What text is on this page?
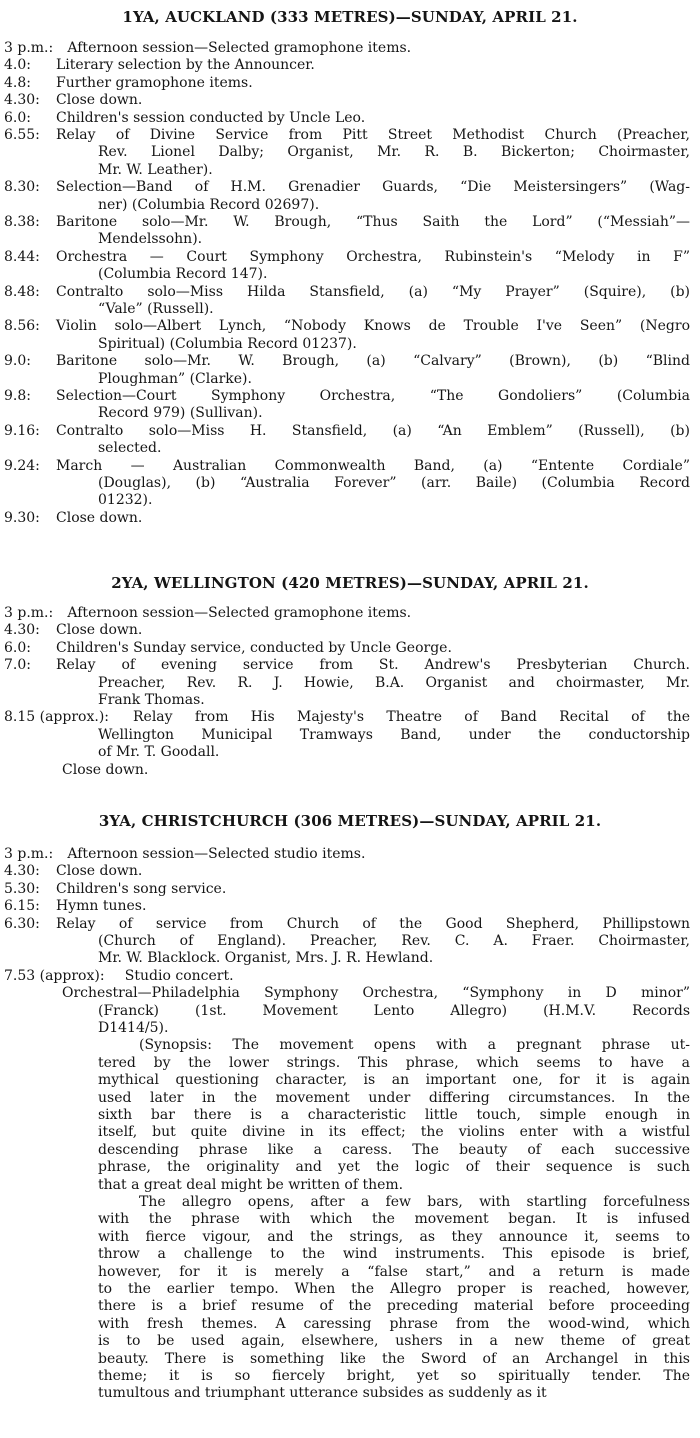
1YA, AUCKLAND (333 METRES)—SUNDAY, APRIL 21.
3 p.m.:	Afternoon session—Selected gramophone items.
4.0:	Literary selection by the Announcer.
4.8:	Further gramophone items.
4.30:	Close down.
6.0:	Children's session conducted by Uncle Leo.
6.55:	Relay of Divine Service from Pitt Street Methodist Church (Preacher,
Rev. Lionel Dalby; Organist, Mr. R. B. Bickerton; Choirmaster,
Mr. W. Leather).
8.30:	Selection—Band of H.M. Grenadier Guards, “Die Meistersingers” (Wag-
ner) (Columbia Record 02697).
8.38:	Baritone solo—Mr. W. Brough, “Thus Saith the Lord” (“Messiah”—
Mendelssohn).
8.44:	Orchestra — Court Symphony Orchestra, Rubinstein's “Melody in F”
(Columbia Record 147).
8.48:	Contralto solo—Miss Hilda Stansfield, (a) “My Prayer” (Squire), (b)
“Vale” (Russell).
8.56:	Violin solo—Albert Lynch, “Nobody Knows de Trouble I've Seen” (Negro
Spiritual) (Columbia Record 01237).
9.0:	Baritone solo—Mr. W. Brough, (a) “Calvary” (Brown), (b) “Blind
Ploughman” (Clarke).
9.8:	Selection—Court Symphony Orchestra, “The Gondoliers” (Columbia
Record 979) (Sullivan).
9.16:	Contralto solo—Miss H. Stansfield, (a) “An Emblem” (Russell), (b)
selected.
9.24:	March — Australian Commonwealth Band, (a) “Entente Cordiale”
(Douglas), (b) “Australia Forever” (arr. Baile) (Columbia Record
01232).
9.30:	Close down.
2YA, WELLINGTON (420 METRES)—SUNDAY, APRIL 21.
3 p.m.:	Afternoon session—Selected gramophone items.
4.30:	Close down.
6.0:	Children's Sunday service, conducted by Uncle George.
7.0:	Relay of evening service from St. Andrew's Presbyterian Church.
Preacher, Rev. R. J. Howie, B.A. Organist and choirmaster, Mr.
Frank Thomas.
8.15 (approx.):	Relay from His Majesty's Theatre of Band Recital of the
Wellington Municipal Tramways Band, under the conductorship
of Mr. T. Goodall.
Close down.
3YA, CHRISTCHURCH (306 METRES)—SUNDAY, APRIL 21.
3 p.m.:	Afternoon session—Selected studio items.
4.30:	Close down.
5.30:	Children's song service.
6.15:	Hymn tunes.
6.30:	Relay of service from Church of the Good Shepherd, Phillipstown
(Church of England). Preacher, Rev. C. A. Fraer. Choirmaster,
Mr. W. Blacklock. Organist, Mrs. J. R. Hewland.
7.53 (approx):	Studio concert.
Orchestral—Philadelphia Symphony Orchestra, “Symphony in D minor”
(Franck) (1st. Movement Lento Allegro) (H.M.V. Records
D1414/5).
(Synopsis: The movement opens with a pregnant phrase ut-
tered by the lower strings. This phrase, which seems to have a
mythical questioning character, is an important one, for it is again
used later in the movement under differing circumstances. In the
sixth bar there is a characteristic little touch, simple enough in
itself, but quite divine in its effect; the violins enter with a wistful
descending phrase like a caress. The beauty of each successive
phrase, the originality and yet the logic of their sequence is such
that a great deal might be written of them.
The allegro opens, after a few bars, with startling forcefulness
with the phrase with which the movement began. It is infused
with fierce vigour, and the strings, as they announce it, seems to
throw a challenge to the wind instruments. This episode is brief,
however, for it is merely a “false start,” and a return is made
to the earlier tempo. When the Allegro proper is reached, however,
there is a brief resume of the preceding material before proceeding
with fresh themes. A caressing phrase from the wood-wind, which
is to be used again, elsewhere, ushers in a new theme of great
beauty. There is something like the Sword of an Archangel in this
theme; it is so fiercely bright, yet so spiritually tender. The
tumultous and triumphant utterance subsides as suddenly as it
